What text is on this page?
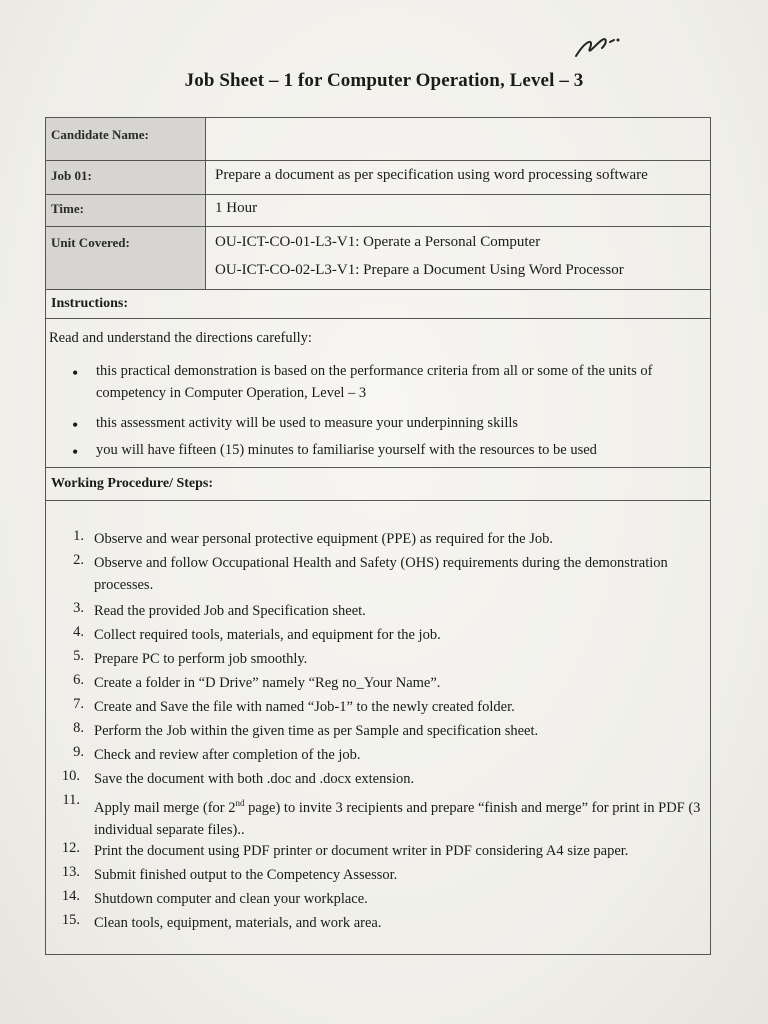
Job Sheet – 1 for Computer Operation, Level – 3
Candidate Name:
Job 01:
Time:
Unit Covered:
Prepare a document as per specification using word processing software
1 Hour
OU-ICT-CO-01-L3-V1: Operate a Personal Computer
OU-ICT-CO-02-L3-V1: Prepare a Document Using Word Processor
Instructions:
Read and understand the directions carefully:
• this practical demonstration is based on the performance criteria from all or some of the units of competency in Computer Operation, Level – 3
• this assessment activity will be used to measure your underpinning skills
• you will have fifteen (15) minutes to familiarise yourself with the resources to be used
Working Procedure/ Steps:
1. Observe and wear personal protective equipment (PPE) as required for the Job.
2. Observe and follow Occupational Health and Safety (OHS) requirements during the demonstration processes.
3. Read the provided Job and Specification sheet.
4. Collect required tools, materials, and equipment for the job.
5. Prepare PC to perform job smoothly.
6. Create a folder in “D Drive” namely “Reg no_Your Name”.
7. Create and Save the file with named “Job-1” to the newly created folder.
8. Perform the Job within the given time as per Sample and specification sheet.
9. Check and review after completion of the job.
10. Save the document with both .doc and .docx extension.
11. Apply mail merge (for 2nd page) to invite 3 recipients and prepare “finish and merge” for print in PDF (3 individual separate files)..
12. Print the document using PDF printer or document writer in PDF considering A4 size paper.
13. Submit finished output to the Competency Assessor.
14. Shutdown computer and clean your workplace.
15. Clean tools, equipment, materials, and work area.
